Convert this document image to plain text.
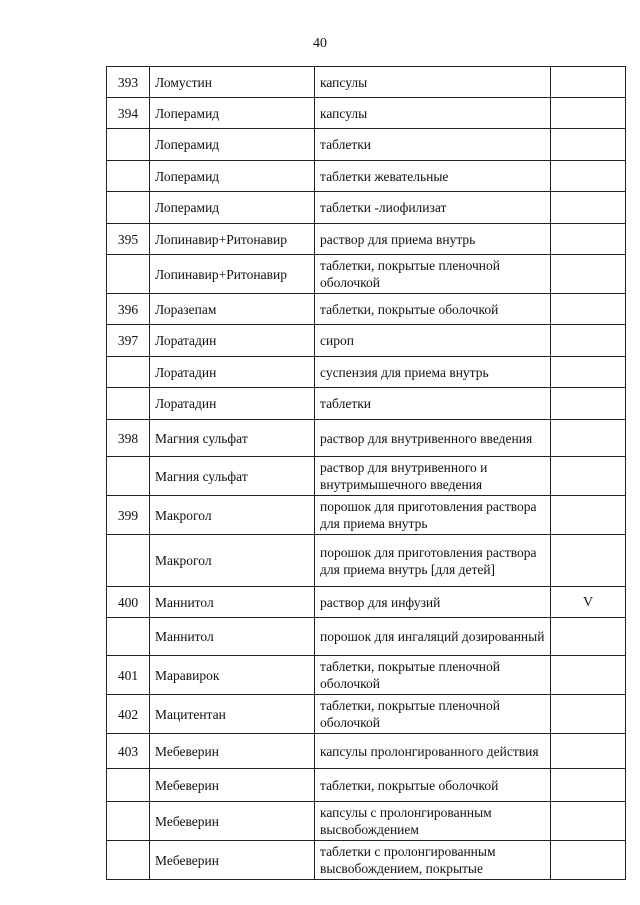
40
393	Ломустин	капсулы	
394	Лоперамид	капсулы	
	Лоперамид	таблетки	
	Лоперамид	таблетки жевательные	
	Лоперамид	таблетки -лиофилизат	
395	Лопинавир+Ритонавир	раствор для приема внутрь	
	Лопинавир+Ритонавир	таблетки, покрытые пленочной оболочкой	
396	Лоразепам	таблетки, покрытые оболочкой	
397	Лоратадин	сироп	
	Лоратадин	суспензия для приема внутрь	
	Лоратадин	таблетки	
398	Магния сульфат	раствор для внутривенного введения	
	Магния сульфат	раствор для внутривенного и внутримышечного введения	
399	Макрогол	порошок для приготовления раствора для приема внутрь	
	Макрогол	порошок для приготовления раствора для приема внутрь [для детей]	
400	Маннитол	раствор для инфузий	V
	Маннитол	порошок для ингаляций дозированный	
401	Маравирок	таблетки, покрытые пленочной оболочкой	
402	Мацитентан	таблетки, покрытые пленочной оболочкой	
403	Мебеверин	капсулы пролонгированного действия	
	Мебеверин	таблетки, покрытые оболочкой	
	Мебеверин	капсулы с пролонгированным высвобождением	
	Мебеверин	таблетки с пролонгированным высвобождением, покрытые	
